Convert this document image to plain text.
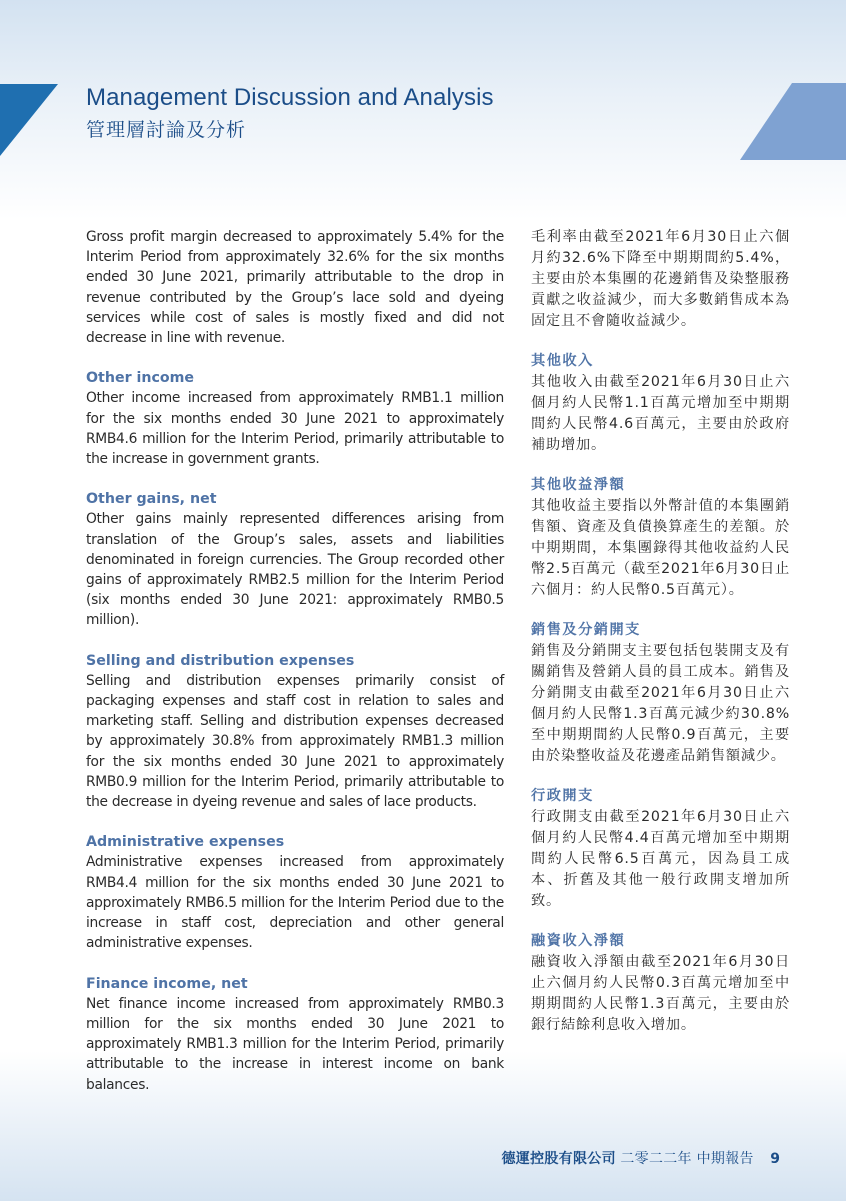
Management Discussion and Analysis
管理層討論及分析

Gross profit margin decreased to approximately 5.4% for the Interim Period from approximately 32.6% for the six months ended 30 June 2021, primarily attributable to the drop in revenue contributed by the Group’s lace sold and dyeing services while cost of sales is mostly fixed and did not decrease in line with revenue.

Other income

Other income increased from approximately RMB1.1 million for the six months ended 30 June 2021 to approximately RMB4.6 million for the Interim Period, primarily attributable to the increase in government grants.

Other gains, net

Other gains mainly represented differences arising from translation of the Group’s sales, assets and liabilities denominated in foreign currencies. The Group recorded other gains of approximately RMB2.5 million for the Interim Period (six months ended 30 June 2021: approximately RMB0.5 million).

Selling and distribution expenses

Selling and distribution expenses primarily consist of packaging expenses and staff cost in relation to sales and marketing staff. Selling and distribution expenses decreased by approximately 30.8% from approximately RMB1.3 million for the six months ended 30 June 2021 to approximately RMB0.9 million for the Interim Period, primarily attributable to the decrease in dyeing revenue and sales of lace products.

Administrative expenses

Administrative expenses increased from approximately RMB4.4 million for the six months ended 30 June 2021 to approximately RMB6.5 million for the Interim Period due to the increase in staff cost, depreciation and other general administrative expenses.

Finance income, net

Net finance income increased from approximately RMB0.3 million for the six months ended 30 June 2021 to approximately RMB1.3 million for the Interim Period, primarily attributable to the increase in interest income on bank balances.

毛利率由截至2021年6月30日止六個月約32.6%下降至中期期間約5.4%，主要由於本集團的花邊銷售及染整服務貢獻之收益減少，而大多數銷售成本為固定且不會隨收益減少。

其他收入

其他收入由截至2021年6月30日止六個月約人民幣1.1百萬元增加至中期期間約人民幣4.6百萬元，主要由於政府補助增加。

其他收益淨額

其他收益主要指以外幣計值的本集團銷售額、資產及負債換算產生的差額。於中期期間，本集團錄得其他收益約人民幣2.5百萬元（截至2021年6月30日止六個月：約人民幣0.5百萬元）。

銷售及分銷開支

銷售及分銷開支主要包括包裝開支及有關銷售及營銷人員的員工成本。銷售及分銷開支由截至2021年6月30日止六個月約人民幣1.3百萬元減少約30.8%至中期期間約人民幣0.9百萬元，主要由於染整收益及花邊產品銷售額減少。

行政開支

行政開支由截至2021年6月30日止六個月約人民幣4.4百萬元增加至中期期間約人民幣6.5百萬元，因為員工成本、折舊及其他一般行政開支增加所致。

融資收入淨額

融資收入淨額由截至2021年6月30日止六個月約人民幣0.3百萬元增加至中期期間約人民幣1.3百萬元，主要由於銀行結餘利息收入增加。

德運控股有限公司 二零二二年 中期報告 9
